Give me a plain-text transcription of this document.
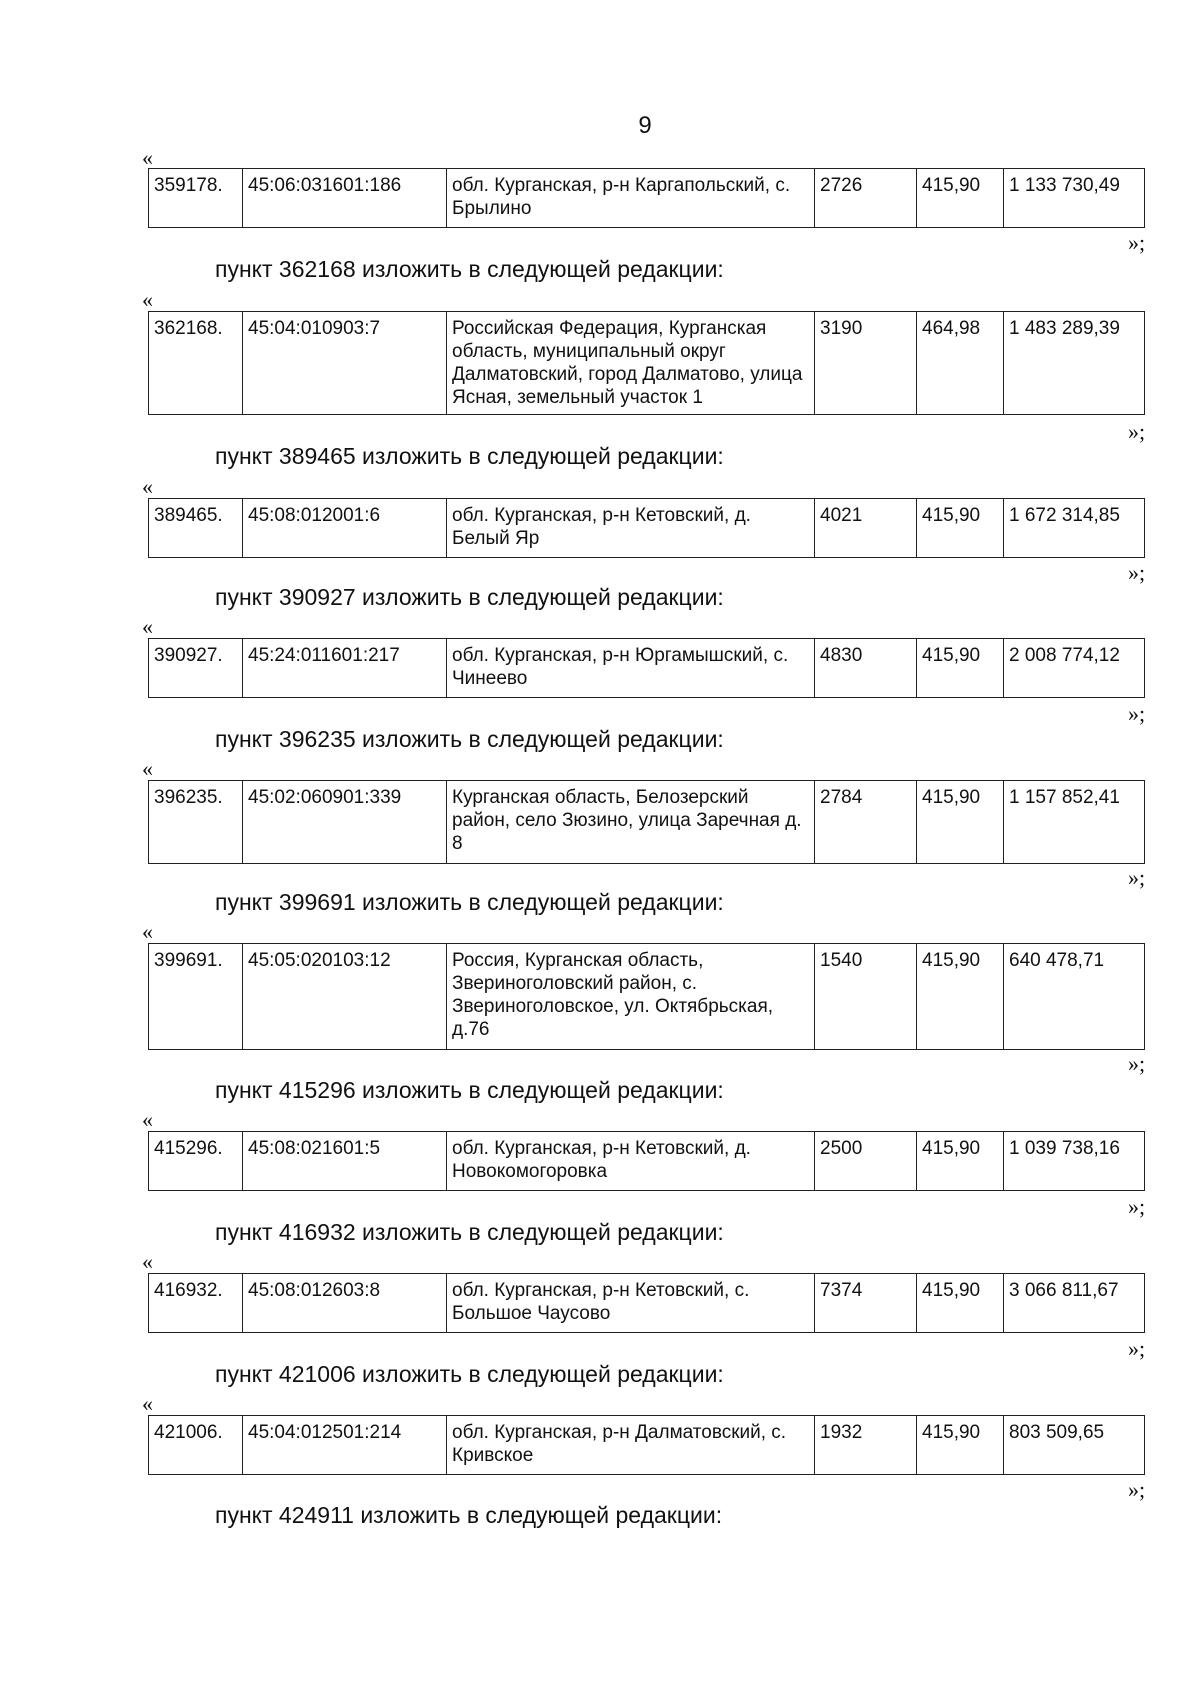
9
«
359178.	45:06:031601:186	обл. Курганская, р-н Каргапольский, с. Брылино	2726	415,90	1 133 730,49
»;
пункт 362168 изложить в следующей редакции:
«
362168.	45:04:010903:7	Российская Федерация, Курганская область, муниципальный округ Далматовский, город Далматово, улица Ясная, земельный участок 1	3190	464,98	1 483 289,39
»;
пункт 389465 изложить в следующей редакции:
«
389465.	45:08:012001:6	обл. Курганская, р-н Кетовский, д. Белый Яр	4021	415,90	1 672 314,85
»;
пункт 390927 изложить в следующей редакции:
«
390927.	45:24:011601:217	обл. Курганская, р-н Юргамышский, с. Чинеево	4830	415,90	2 008 774,12
»;
пункт 396235 изложить в следующей редакции:
«
396235.	45:02:060901:339	Курганская область, Белозерский район, село Зюзино, улица Заречная д. 8	2784	415,90	1 157 852,41
»;
пункт 399691 изложить в следующей редакции:
«
399691.	45:05:020103:12	Россия, Курганская область, Звериноголовский район, с. Звериноголовское, ул. Октябрьская, д.76	1540	415,90	640 478,71
»;
пункт 415296 изложить в следующей редакции:
«
415296.	45:08:021601:5	обл. Курганская, р-н Кетовский, д. Новокомогоровка	2500	415,90	1 039 738,16
»;
пункт 416932 изложить в следующей редакции:
«
416932.	45:08:012603:8	обл. Курганская, р-н Кетовский, с. Большое Чаусово	7374	415,90	3 066 811,67
»;
пункт 421006 изложить в следующей редакции:
«
421006.	45:04:012501:214	обл. Курганская, р-н Далматовский, с. Кривское	1932	415,90	803 509,65
»;
пункт 424911 изложить в следующей редакции:
